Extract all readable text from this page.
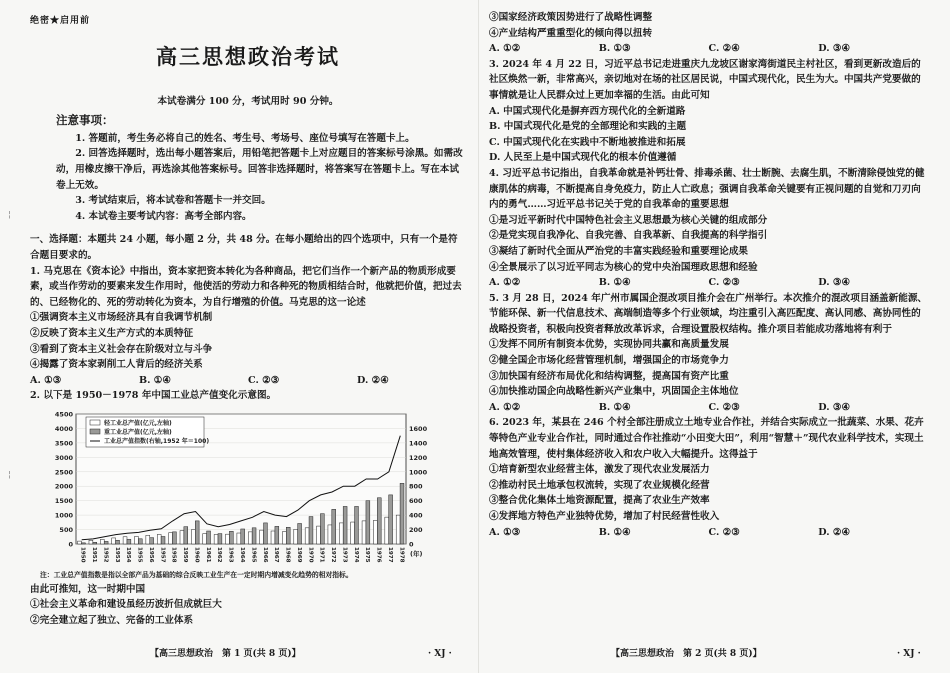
¦
¦
绝密★启用前
高三思想政治考试
本试卷满分 100 分，考试用时 90 分钟。
注意事项：
1. 答题前，考生务必将自己的姓名、考生号、考场号、座位号填写在答题卡上。
2. 回答选择题时，选出每小题答案后，用铅笔把答题卡上对应题目的答案标号涂黑。如需改动，用橡皮擦干净后，再选涂其他答案标号。回答非选择题时，将答案写在答题卡上。写在本试卷上无效。
3. 考试结束后，将本试卷和答题卡一并交回。
4. 本试卷主要考试内容：高考全部内容。
一、选择题：本题共 24 小题，每小题 2 分，共 48 分。在每小题给出的四个选项中，只有一个是符合题目要求的。
1. 马克思在《资本论》中指出，资本家把资本转化为各种商品，把它们当作一个新产品的物质形成要素，或当作劳动的要素来发生作用时，他使活的劳动力和各种死的物质相结合时，他就把价值，把过去的、已经物化的、死的劳动转化为资本，为自行增殖的价值。马克思的这一论述
①强调资本主义市场经济具有自我调节机制
②反映了资本主义生产方式的本质特征
③看到了资本主义社会存在阶级对立与斗争
④揭露了资本家剥削工人背后的经济关系
A. ①③	B. ①④	C. ②③	D. ②④
2. 以下是 1950－1978 年中国工业总产值变化示意图。
0
500
1000
1500
2000
2500
3000
3500
4000
4500
0
200
400
600
800
1000
1200
1400
1600
1950 1951 1952 1953 1954 1955 1956 1957 1958 1959 1960 1961 1962 1963 1964 1965 1966 1967 1968 1969 1970 1971 1972 1973 1974 1975 1976 1977 1978 (年)
轻工业总产值(亿元,左轴)
重工业总产值(亿元,左轴)
工业总产值指数(右轴,1952 年＝100)
注：工业总产值指数是指以全部产品为基础的综合反映工业生产在一定时期内增减变化趋势的相对指标。
由此可推知，这一时期中国
①社会主义革命和建设虽经历波折但成就巨大
②完全建立起了独立、完备的工业体系
【高三思想政治　第 1 页(共 8 页)】	· XJ ·
③国家经济政策因势进行了战略性调整
④产业结构严重重型化的倾向得以扭转
A. ①②	B. ①③	C. ②④	D. ③④
3. 2024 年 4 月 22 日，习近平总书记走进重庆九龙坡区谢家湾街道民主村社区，看到更新改造后的社区焕然一新，非常高兴，亲切地对在场的社区居民说，中国式现代化，民生为大。中国共产党要做的事情就是让人民群众过上更加幸福的生活。由此可知
A. 中国式现代化是摒弃西方现代化的全新道路
B. 中国式现代化是党的全部理论和实践的主题
C. 中国式现代化在实践中不断地被推进和拓展
D. 人民至上是中国式现代化的根本价值遵循
4. 习近平总书记指出，自我革命就是补钙壮骨、排毒杀菌、壮士断腕、去腐生肌，不断清除侵蚀党的健康肌体的病毒，不断提高自身免疫力，防止人亡政息；强调自我革命关键要有正视问题的自觉和刀刃向内的勇气……习近平总书记关于党的自我革命的重要思想
①是习近平新时代中国特色社会主义思想最为核心关键的组成部分
②是党实现自我净化、自我完善、自我革新、自我提高的科学指引
③凝结了新时代全面从严治党的丰富实践经验和重要理论成果
④全景展示了以习近平同志为核心的党中央治国理政思想和经验
A. ①②	B. ①④	C. ②③	D. ③④
5. 3 月 28 日，2024 年广州市属国企混改项目推介会在广州举行。本次推介的混改项目涵盖新能源、节能环保、新一代信息技术、高端制造等多个行业领域，均注重引入高匹配度、高认同感、高协同性的战略投资者，积极向投资者释放改革诉求，合理设置股权结构。推介项目若能成功落地将有利于
①发挥不同所有制资本优势，实现协同共赢和高质量发展
②健全国企市场化经营管理机制，增强国企的市场竞争力
③加快国有经济布局优化和结构调整，提高国有资产比重
④加快推动国企向战略性新兴产业集中，巩固国企主体地位
A. ①②	B. ①④	C. ②③	D. ③④
6. 2023 年，某县在 246 个村全部注册成立土地专业合作社，并结合实际成立一批蔬菜、水果、花卉等特色产业专业合作社，同时通过合作社推动“小田变大田”，利用“智慧＋”现代农业科学技术，实现土地高效管理，使村集体经济收入和农户收入大幅提升。这得益于
①培育新型农业经营主体，激发了现代农业发展活力
②推动村民土地承包权流转，实现了农业规模化经营
③整合优化集体土地资源配置，提高了农业生产效率
④发挥地方特色产业独特优势，增加了村民经营性收入
A. ①③	B. ①④	C. ②③	D. ②④
【高三思想政治　第 2 页(共 8 页)】	· XJ ·
